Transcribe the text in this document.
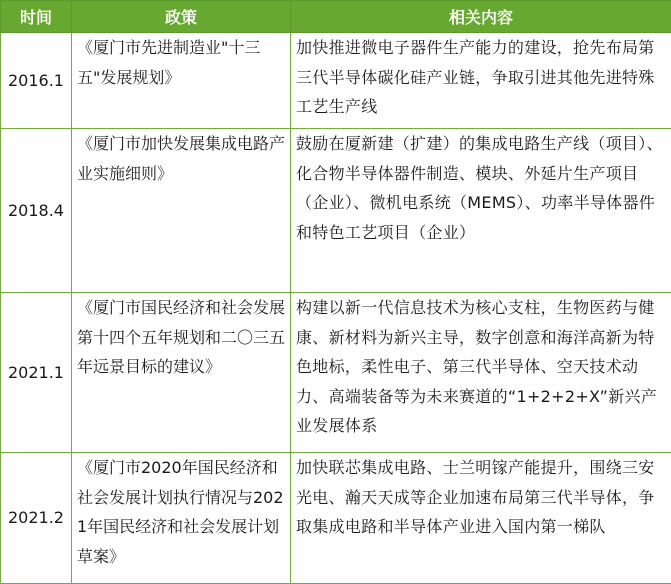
时间	政策	相关内容
2016.1	《厦门市先进制造业"十三五"发展规划》	加快推进微电子器件生产能力的建设，抢先布局第三代半导体碳化硅产业链，争取引进其他先进特殊工艺生产线
2018.4	《厦门市加快发展集成电路产业实施细则》	鼓励在厦新建（扩建）的集成电路生产线（项目）、化合物半导体器件制造、模块、外延片生产项目（企业）、微机电系统（MEMS）、功率半导体器件和特色工艺项目（企业）
2021.1	《厦门市国民经济和社会发展第十四个五年规划和二〇三五年远景目标的建议》	构建以新一代信息技术为核心支柱，生物医药与健康、新材料为新兴主导，数字创意和海洋高新为特色地标，柔性电子、第三代半导体、空天技术动力、高端装备等为未来赛道的“1+2+2+X”新兴产业发展体系
2021.2	《厦门市2020年国民经济和社会发展计划执行情况与2021年国民经济和社会发展计划草案》	加快联芯集成电路、士兰明镓产能提升，围绕三安光电、瀚天天成等企业加速布局第三代半导体，争取集成电路和半导体产业进入国内第一梯队
